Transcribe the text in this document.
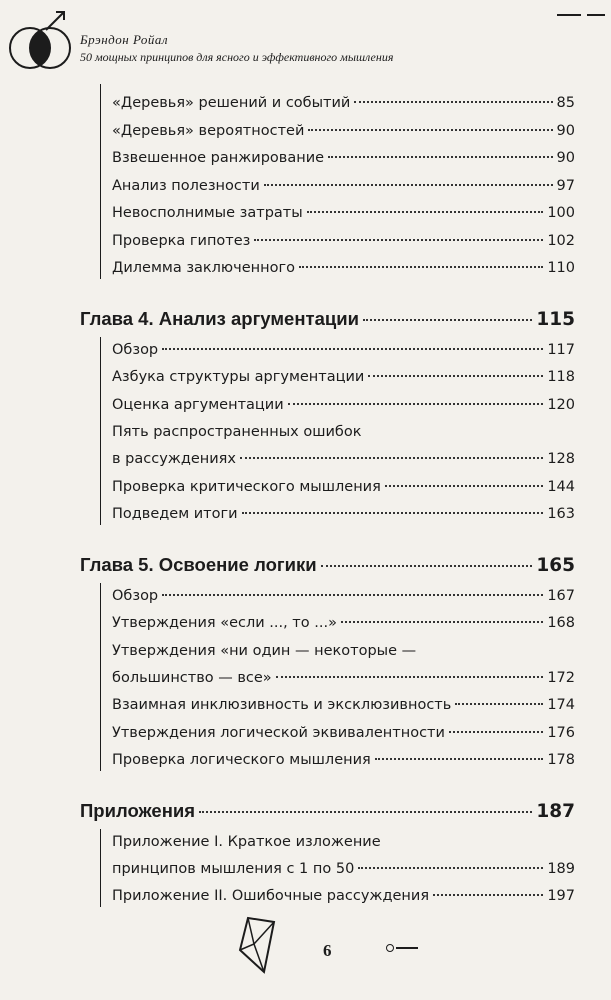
Брэндон Ройал
50 мощных принципов для ясного и эффективного мышления
«Деревья» решений и событий	85
«Деревья» вероятностей	90
Взвешенное ранжирование	90
Анализ полезности	97
Невосполнимые затраты	100
Проверка гипотез	102
Дилемма заключенного	110
Глава 4. Анализ аргументации	115
Обзор	117
Азбука структуры аргументации	118
Оценка аргументации	120
Пять распространенных ошибок
в рассуждениях	128
Проверка критического мышления	144
Подведем итоги	163
Глава 5. Освоение логики	165
Обзор	167
Утверждения «если ..., то ...»	168
Утверждения «ни один — некоторые —
большинство — все»	172
Взаимная инклюзивность и эксклюзивность	174
Утверждения логической эквивалентности	176
Проверка логического мышления	178
Приложения	187
Приложение I. Краткое изложение
принципов мышления с 1 по 50	189
Приложение II. Ошибочные рассуждения	197
6
